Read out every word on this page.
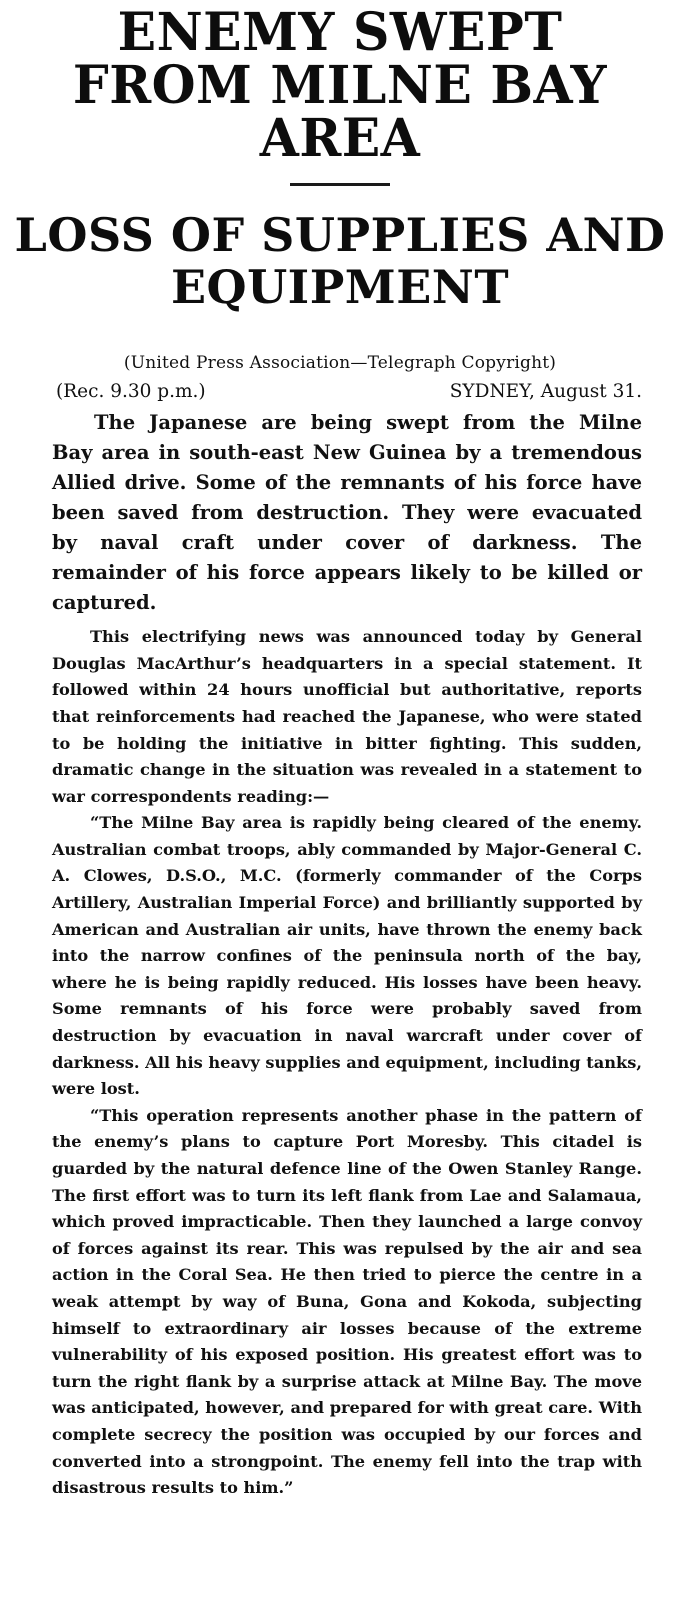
ENEMY SWEPT FROM MILNE BAY AREA
LOSS OF SUPPLIES AND EQUIPMENT
(United Press Association—Telegraph Copyright)
(Rec. 9.30 p.m.)	SYDNEY, August 31.

The Japanese are being swept from the Milne Bay area in south-east New Guinea by a tremendous Allied drive. Some of the remnants of his force have been saved from destruction. They were evacuated by naval craft under cover of darkness. The remainder of his force appears likely to be killed or captured.

This electrifying news was announced today by General Douglas MacArthur’s headquarters in a special statement. It followed within 24 hours unofficial but authoritative, reports that reinforcements had reached the Japanese, who were stated to be holding the initiative in bitter fighting. This sudden, dramatic change in the situation was revealed in a statement to war correspondents reading:—

“The Milne Bay area is rapidly being cleared of the enemy. Australian combat troops, ably commanded by Major-General C. A. Clowes, D.S.O., M.C. (formerly commander of the Corps Artillery, Australian Imperial Force) and brilliantly supported by American and Australian air units, have thrown the enemy back into the narrow confines of the peninsula north of the bay, where he is being rapidly reduced. His losses have been heavy. Some remnants of his force were probably saved from destruction by evacuation in naval warcraft under cover of darkness. All his heavy supplies and equipment, including tanks, were lost.

“This operation represents another phase in the pattern of the enemy’s plans to capture Port Moresby. This citadel is guarded by the natural defence line of the Owen Stanley Range. The first effort was to turn its left flank from Lae and Salamaua, which proved impracticable. Then they launched a large convoy of forces against its rear. This was repulsed by the air and sea action in the Coral Sea. He then tried to pierce the centre in a weak attempt by way of Buna, Gona and Kokoda, subjecting himself to extraordinary air losses because of the extreme vulnerability of his exposed position. His greatest effort was to turn the right flank by a surprise attack at Milne Bay. The move was anticipated, however, and prepared for with great care. With complete secrecy the position was occupied by our forces and converted into a strongpoint. The enemy fell into the trap with disastrous results to him.”
